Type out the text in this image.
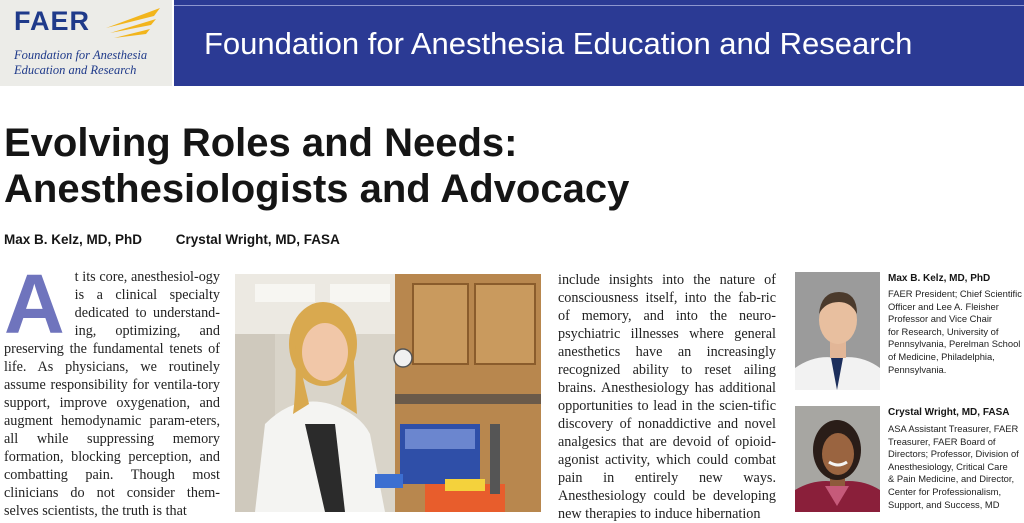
FAER
Foundation for Anesthesia
Education and Research
Foundation for Anesthesia Education and Research
Evolving Roles and Needs:
Anesthesiologists and Advocacy
Max B. Kelz, MD, PhD	Crystal Wright, MD, FASA
A t its core, anesthesiol-ogy is a clinical specialty dedicated to understand-ing, optimizing, and preserving the fundamental tenets of life. As physicians, we routinely assume responsibility for ventila-tory support, improve oxygenation, and augment hemodynamic param-eters, all while suppressing memory formation, blocking perception, and combatting pain. Though most clinicians do not consider them-selves scientists, the truth is that
include insights into the nature of consciousness itself, into the fab-ric of memory, and into the neuro-psychiatric illnesses where general anesthetics have an increasingly recognized ability to reset ailing brains. Anesthesiology has additional opportunities to lead in the scien-tific discovery of nonaddictive and novel analgesics that are devoid of opioid-agonist activity, which could combat pain in entirely new ways. Anesthesiology could be developing new therapies to induce hibernation
Max B. Kelz, MD, PhD
FAER President; Chief Scientific
Officer and Lee A. Fleisher
Professor and Vice Chair
for Research, University of
Pennsylvania, Perelman School
of Medicine, Philadelphia,
Pennsylvania.
Crystal Wright, MD, FASA
ASA Assistant Treasurer, FAER
Treasurer, FAER Board of
Directors; Professor, Division of
Anesthesiology, Critical Care
& Pain Medicine, and Director,
Center for Professionalism,
Support, and Success, MD
